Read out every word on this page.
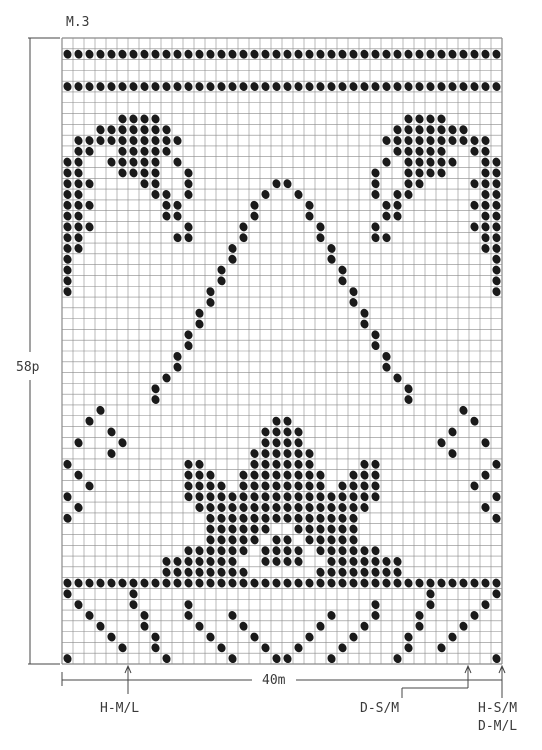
M.3
58p
40m
H-M/L	D-S/M	H-S/M
D-M/L
